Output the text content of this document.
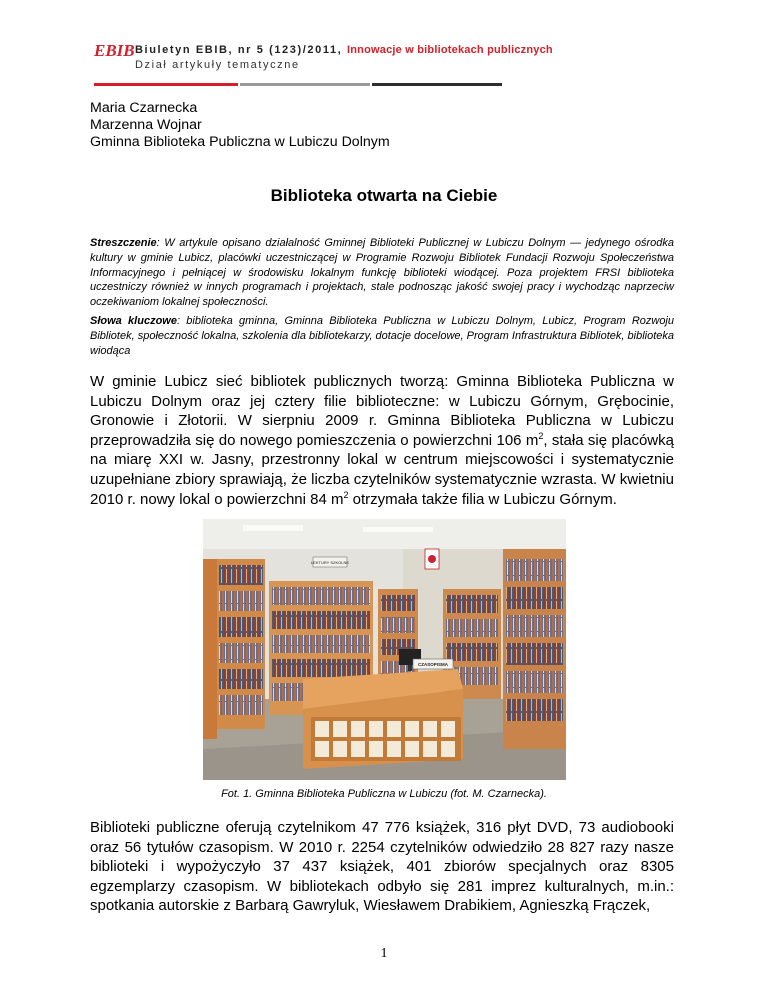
EBIB Biuletyn EBIB, nr 5 (123)/2011, Innowacje w bibliotekach publicznych
Dział artykuły tematyczne
Maria Czarnecka
Marzenna Wojnar
Gminna Biblioteka Publiczna w Lubiczu Dolnym
Biblioteka otwarta na Ciebie
Streszczenie: W artykule opisano działalność Gminnej Biblioteki Publicznej w Lubiczu Dolnym — jedynego ośrodka kultury w gminie Lubicz, placówki uczestniczącej w Programie Rozwoju Bibliotek Fundacji Rozwoju Społeczeństwa Informacyjnego i pełniącej w środowisku lokalnym funkcję biblioteki wiodącej. Poza projektem FRSI biblioteka uczestniczy również w innych programach i projektach, stale podnosząc jakość swojej pracy i wychodząc naprzeciw oczekiwaniom lokalnej społeczności.
Słowa kluczowe: biblioteka gminna, Gminna Biblioteka Publiczna w Lubiczu Dolnym, Lubicz, Program Rozwoju Bibliotek, społeczność lokalna, szkolenia dla bibliotekarzy, dotacje docelowe, Program Infrastruktura Bibliotek, biblioteka wiodąca
W gminie Lubicz sieć bibliotek publicznych tworzą: Gminna Biblioteka Publiczna w Lubiczu Dolnym oraz jej cztery filie biblioteczne: w Lubiczu Górnym, Grębocinie, Gronowie i Złotorii. W sierpniu 2009 r. Gminna Biblioteka Publiczna w Lubiczu przeprowadziła się do nowego pomieszczenia o powierzchni 106 $m^2$, stała się placówką na miarę XXI w. Jasny, przestronny lokal w centrum miejscowości i systematycznie uzupełniane zbiory sprawiają, że liczba czytelników systematycznie wzrasta. W kwietniu 2010 r. nowy lokal o powierzchni 84 $m^2$ otrzymała także filia w Lubiczu Górnym.
LEKTURY SZKOLNE
CZASOPISMA
Fot. 1. Gminna Biblioteka Publiczna w Lubiczu (fot. M. Czarnecka).
Biblioteki publiczne oferują czytelnikom 47 776 książek, 316 płyt DVD, 73 audiobooki oraz 56 tytułów czasopism. W 2010 r. 2254 czytelników odwiedziło 28 827 razy nasze biblioteki i wypożyczyło 37 437 książek, 401 zbiorów specjalnych oraz 8305 egzemplarzy czasopism. W bibliotekach odbyło się 281 imprez kulturalnych, m.in.: spotkania autorskie z Barbarą Gawryluk, Wiesławem Drabikiem, Agnieszką Frączek,
1
